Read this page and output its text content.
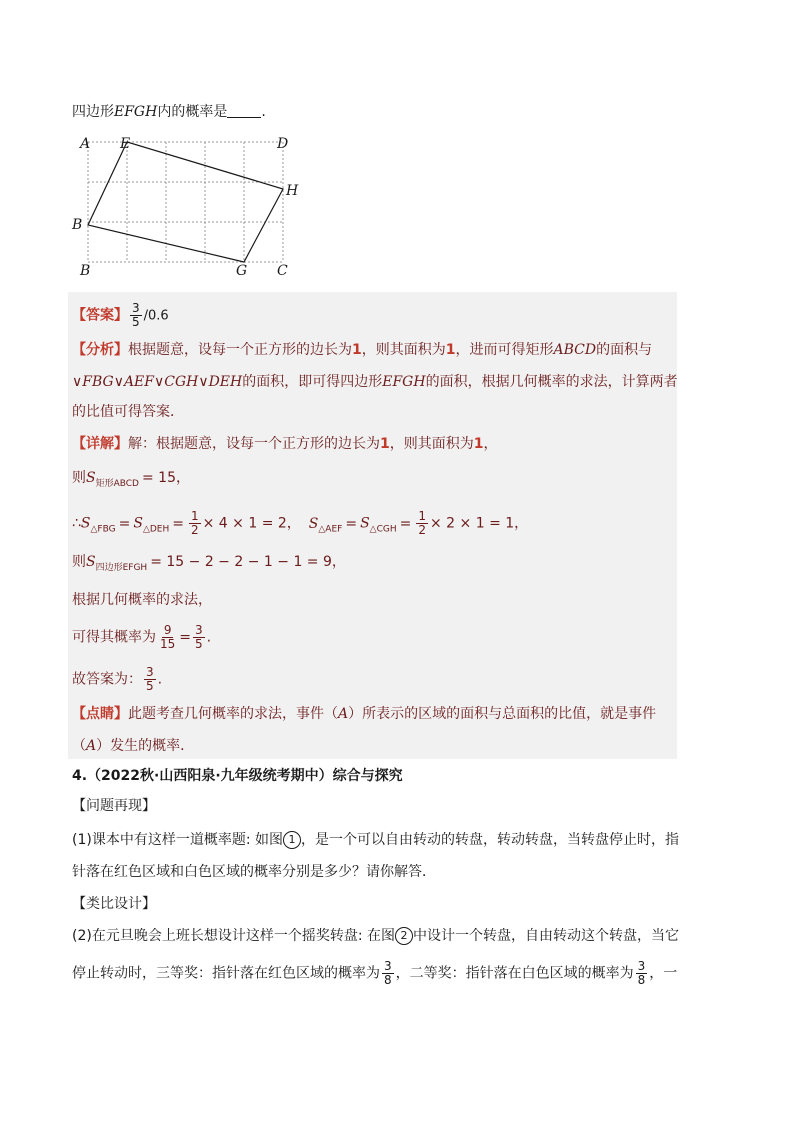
四边形EFGH内的概率是 .
A E	D
H
B
B	G C
【答案】 $\frac{3}{5} /0.6$
【分析】根据题意，设每一个正方形的边长为1，则其面积为1，进而可得矩形ABCD的面积与
∨FBG∨AEF∨CGH∨DEH的面积，即可得四边形EFGH的面积，根据几何概率的求法，计算两者
的比值可得答案．
【详解】解：根据题意，设每一个正方形的边长为1，则其面积为1，
则$S_{矩形ABCD} = 15$，
$\therefore S_{\triangle FBG} = S_{\triangle DEH} = \frac{1}{2} \times 4 \times 1 = 2$， $S_{\triangle AEF} = S_{\triangle CGH} = \frac{1}{2} \times 2 \times 1 = 1$，
则$S_{四边形EFGH} = 15 - 2 - 2 - 1 - 1 = 9$，
根据几何概率的求法，
可得其概率为 $\frac{9}{15} = \frac{3}{5}$ .
故答案为： $\frac{3}{5}$ .
【点睛】此题考查几何概率的求法，事件（A）所表示的区域的面积与总面积的比值，就是事件
（A）发生的概率．
4.（2022秋·山西阳泉·九年级统考期中）综合与探究
【问题再现】
(1)课本中有这样一道概率题: 如图 1 ，是一个可以自由转动的转盘，转动转盘，当转盘停止时，指
针落在红色区域和白色区域的概率分别是多少？请你解答．
【类比设计】
(2)在元旦晚会上班长想设计这样一个摇奖转盘: 在图 2 中设计一个转盘，自由转动这个转盘，当它
停止转动时，三等奖：指针落在红色区域的概率为 $\frac{3}{8}$ ，二等奖：指针落在白色区域的概率为 $\frac{3}{8}$ ，一
